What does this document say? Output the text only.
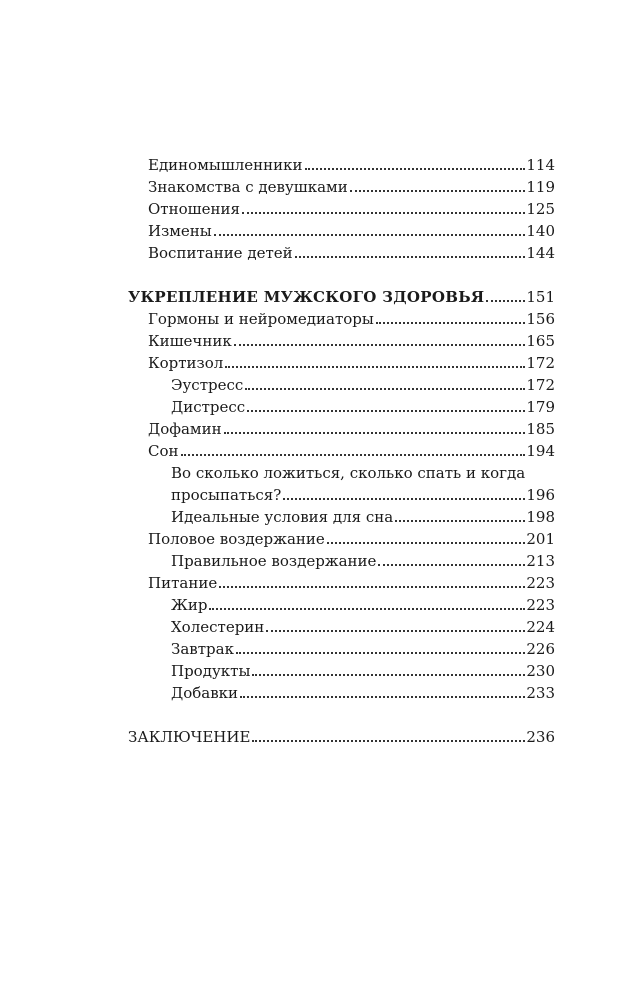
Единомышленники	114
Знакомства с девушками	119
Отношения	125
Измены	140
Воспитание детей	144
УКРЕПЛЕНИЕ МУЖСКОГО ЗДОРОВЬЯ	151
Гормоны и нейромедиаторы	156
Кишечник	165
Кортизол	172
Эустресс	172
Дистресс	179
Дофамин	185
Сон	194
Во сколько ложиться, сколько спать и когда
просыпаться?	196
Идеальные условия для сна	198
Половое воздержание	201
Правильное воздержание	213
Питание	223
Жир	223
Холестерин	224
Завтрак	226
Продукты	230
Добавки	233
ЗАКЛЮЧЕНИЕ	236
